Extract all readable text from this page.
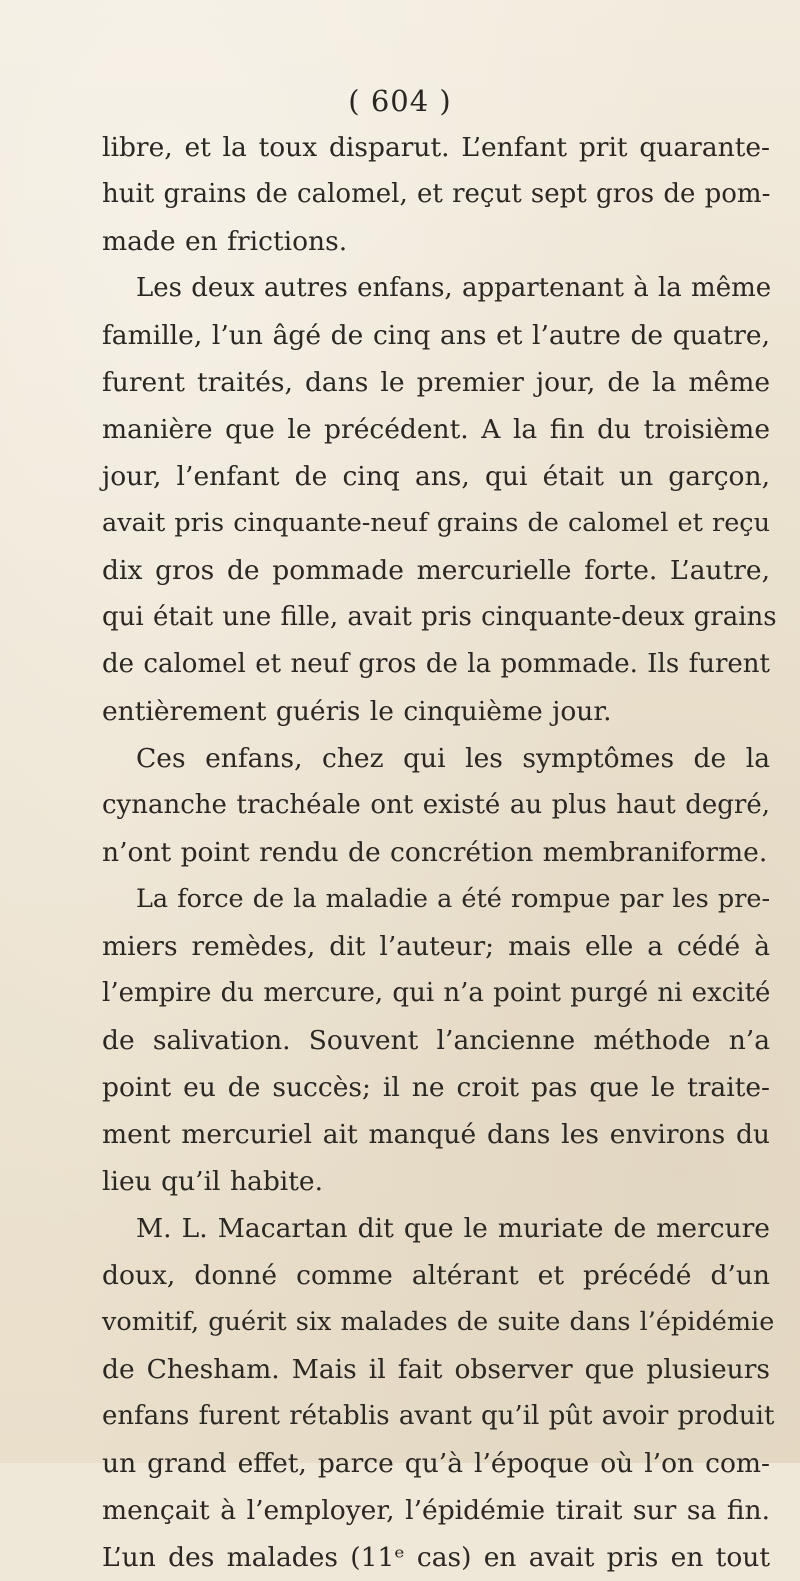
( 604 )
libre, et la toux disparut. L’enfant prit quarante-
huit grains de calomel, et reçut sept gros de pom-
made en frictions.
Les deux autres enfans, appartenant à la même
famille, l’un âgé de cinq ans et l’autre de quatre,
furent traités, dans le premier jour, de la même
manière que le précédent. A la fin du troisième
jour, l’enfant de cinq ans, qui était un garçon,
avait pris cinquante-neuf grains de calomel et reçu
dix gros de pommade mercurielle forte. L’autre,
qui était une fille, avait pris cinquante-deux grains
de calomel et neuf gros de la pommade. Ils furent
entièrement guéris le cinquième jour.
Ces enfans, chez qui les symptômes de la
cynanche trachéale ont existé au plus haut degré,
n’ont point rendu de concrétion membraniforme.
La force de la maladie a été rompue par les pre-
miers remèdes, dit l’auteur; mais elle a cédé à
l’empire du mercure, qui n’a point purgé ni excité
de salivation. Souvent l’ancienne méthode n’a
point eu de succès; il ne croit pas que le traite-
ment mercuriel ait manqué dans les environs du
lieu qu’il habite.
M. L. Macartan dit que le muriate de mercure
doux, donné comme altérant et précédé d’un
vomitif, guérit six malades de suite dans l’épidémie
de Chesham. Mais il fait observer que plusieurs
enfans furent rétablis avant qu’il pût avoir produit
un grand effet, parce qu’à l’époque où l’on com-
mençait à l’employer, l’épidémie tirait sur sa fin.
L’un des malades (11ᵉ cas) en avait pris en tout
